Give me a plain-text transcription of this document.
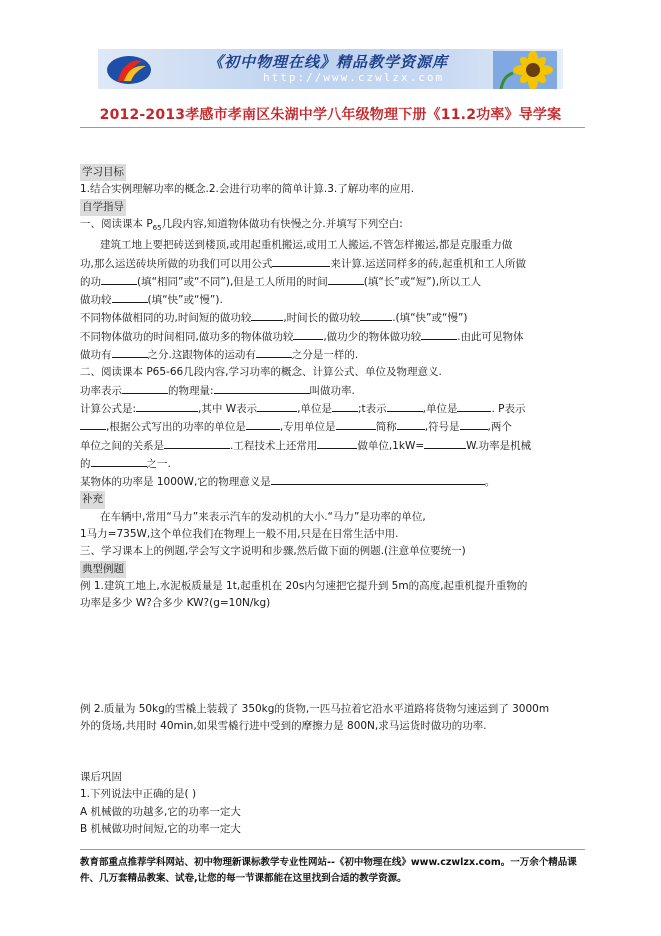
《初中物理在线》精品教学资源库
http://www.czwlzx.com
2012-2013孝感市孝南区朱湖中学八年级物理下册《11.2功率》导学案

学习目标

1.结合实例理解功率的概念.2.会进行功率的简单计算.3.了解功率的应用.

自学指导

一、阅读课本 $P_{65}$几段内容,知道物体做功有快慢之分.并填写下列空白:

建筑工地上要把砖送到楼顶,或用起重机搬运,或用工人搬运,不管怎样搬运,都是克服重力做

功,那么运送砖块所做的功我们可以用公式	来计算.运送同样多的砖,起重机和工人所做

的功	(填“相同”或“不同”),但是工人所用的时间	(填“长”或“短”),所以工人

做功较	(填“快”或“慢”).

不同物体做相同的功,时间短的做功较	,时间长的做功较	.(填“快”或“慢”)

不同物体做功的时间相同,做功多的物体做功较	,做功少的物体做功较	.由此可见物体

做功有	之分.这跟物体的运动有	之分是一样的.

二、阅读课本 P65-66几段内容,学习功率的概念、计算公式、单位及物理意义.

功率表示	的物理量:	叫做功率.

计算公式是:	,其中 W表示	,单位是 ;t表示	,单位是	. P表示

,根据公式写出的功率的单位是	,专用单位是	简称	,符号是	,两个

单位之间的关系是	.工程技术上还常用	做单位,1kW=	W.功率是机械

的	之一.

某物体的功率是 1000W,它的物理意义是	。

补充

在车辆中,常用“马力”来表示汽车的发动机的大小.“马力”是功率的单位,

1马力=735W,这个单位我们在物理上一般不用,只是在日常生活中用.

三、学习课本上的例题,学会写文字说明和步骤,然后做下面的例题.(注意单位要统一)

典型例题

例 1.建筑工地上,水泥板质量是 1t,起重机在 20s内匀速把它提升到 5m的高度,起重机提升重物的

功率是多少 W?合多少 KW?(g=10N/kg)

例 2.质量为 50kg的雪橇上装载了 350kg的货物,一匹马拉着它沿水平道路将货物匀速运到了 3000m

外的货场,共用时 40min,如果雪橇行进中受到的摩擦力是 800N,求马运货时做功的功率.

课后巩固

1.下列说法中正确的是( )

A 机械做的功越多,它的功率一定大

B 机械做功时间短,它的功率一定大

教育部重点推荐学科网站、初中物理新课标教学专业性网站--《初中物理在线》www.czwlzx.com。一万余个精品课

件、几万套精品教案、试卷,让您的每一节课都能在这里找到合适的教学资源。
